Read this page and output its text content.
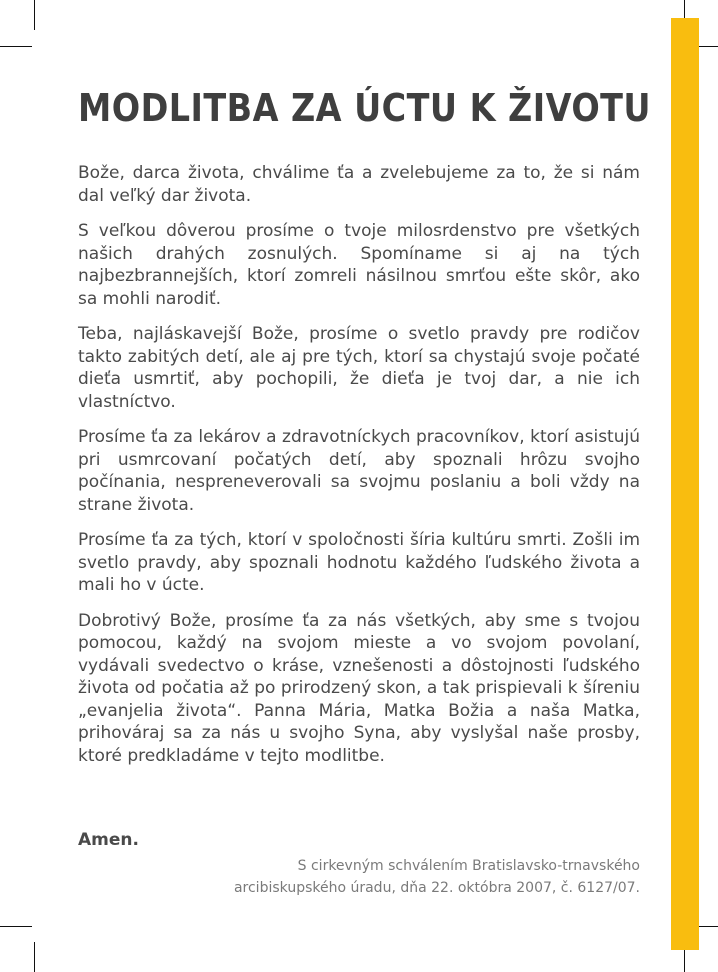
MODLITBA ZA ÚCTU K ŽIVOTU

Bože, darca života, chválime ťa a zvelebujeme za to, že si nám dal veľký dar života.

S veľkou dôverou prosíme o tvoje milosrdenstvo pre všetkých našich drahých zosnulých. Spomíname si aj na tých najbezbrannejších, ktorí zomreli násilnou smrťou ešte skôr, ako sa mohli narodiť.

Teba, najláskavejší Bože, prosíme o svetlo pravdy pre rodičov takto zabitých detí, ale aj pre tých, ktorí sa chystajú svoje počaté dieťa usmrtiť, aby pochopili, že dieťa je tvoj dar, a nie ich vlastníctvo.

Prosíme ťa za lekárov a zdravotníckych pracovníkov, ktorí asistujú pri usmrcovaní počatých detí, aby spoznali hrôzu svojho počínania, nespreneverovali sa svojmu poslaniu a boli vždy na strane života.

Prosíme ťa za tých, ktorí v spoločnosti šíria kultúru smrti. Zošli im svetlo pravdy, aby spoznali hodnotu každého ľudského života a mali ho v úcte.

Dobrotivý Bože, prosíme ťa za nás všetkých, aby sme s tvojou pomocou, každý na svojom mieste a vo svojom povolaní, vydávali svedectvo o kráse, vznešenosti a dôstojnosti ľudského života od počatia až po prirodzený skon, a tak prispievali k šíreniu „evanjelia života“. Panna Mária, Matka Božia a naša Matka, prihováraj sa za nás u svojho Syna, aby vyslyšal naše prosby, ktoré predkladáme v tejto modlitbe.

Amen.
S cirkevným schválením Bratislavsko-trnavského
arcibiskupského úradu, dňa 22. októbra 2007, č. 6127/07.
